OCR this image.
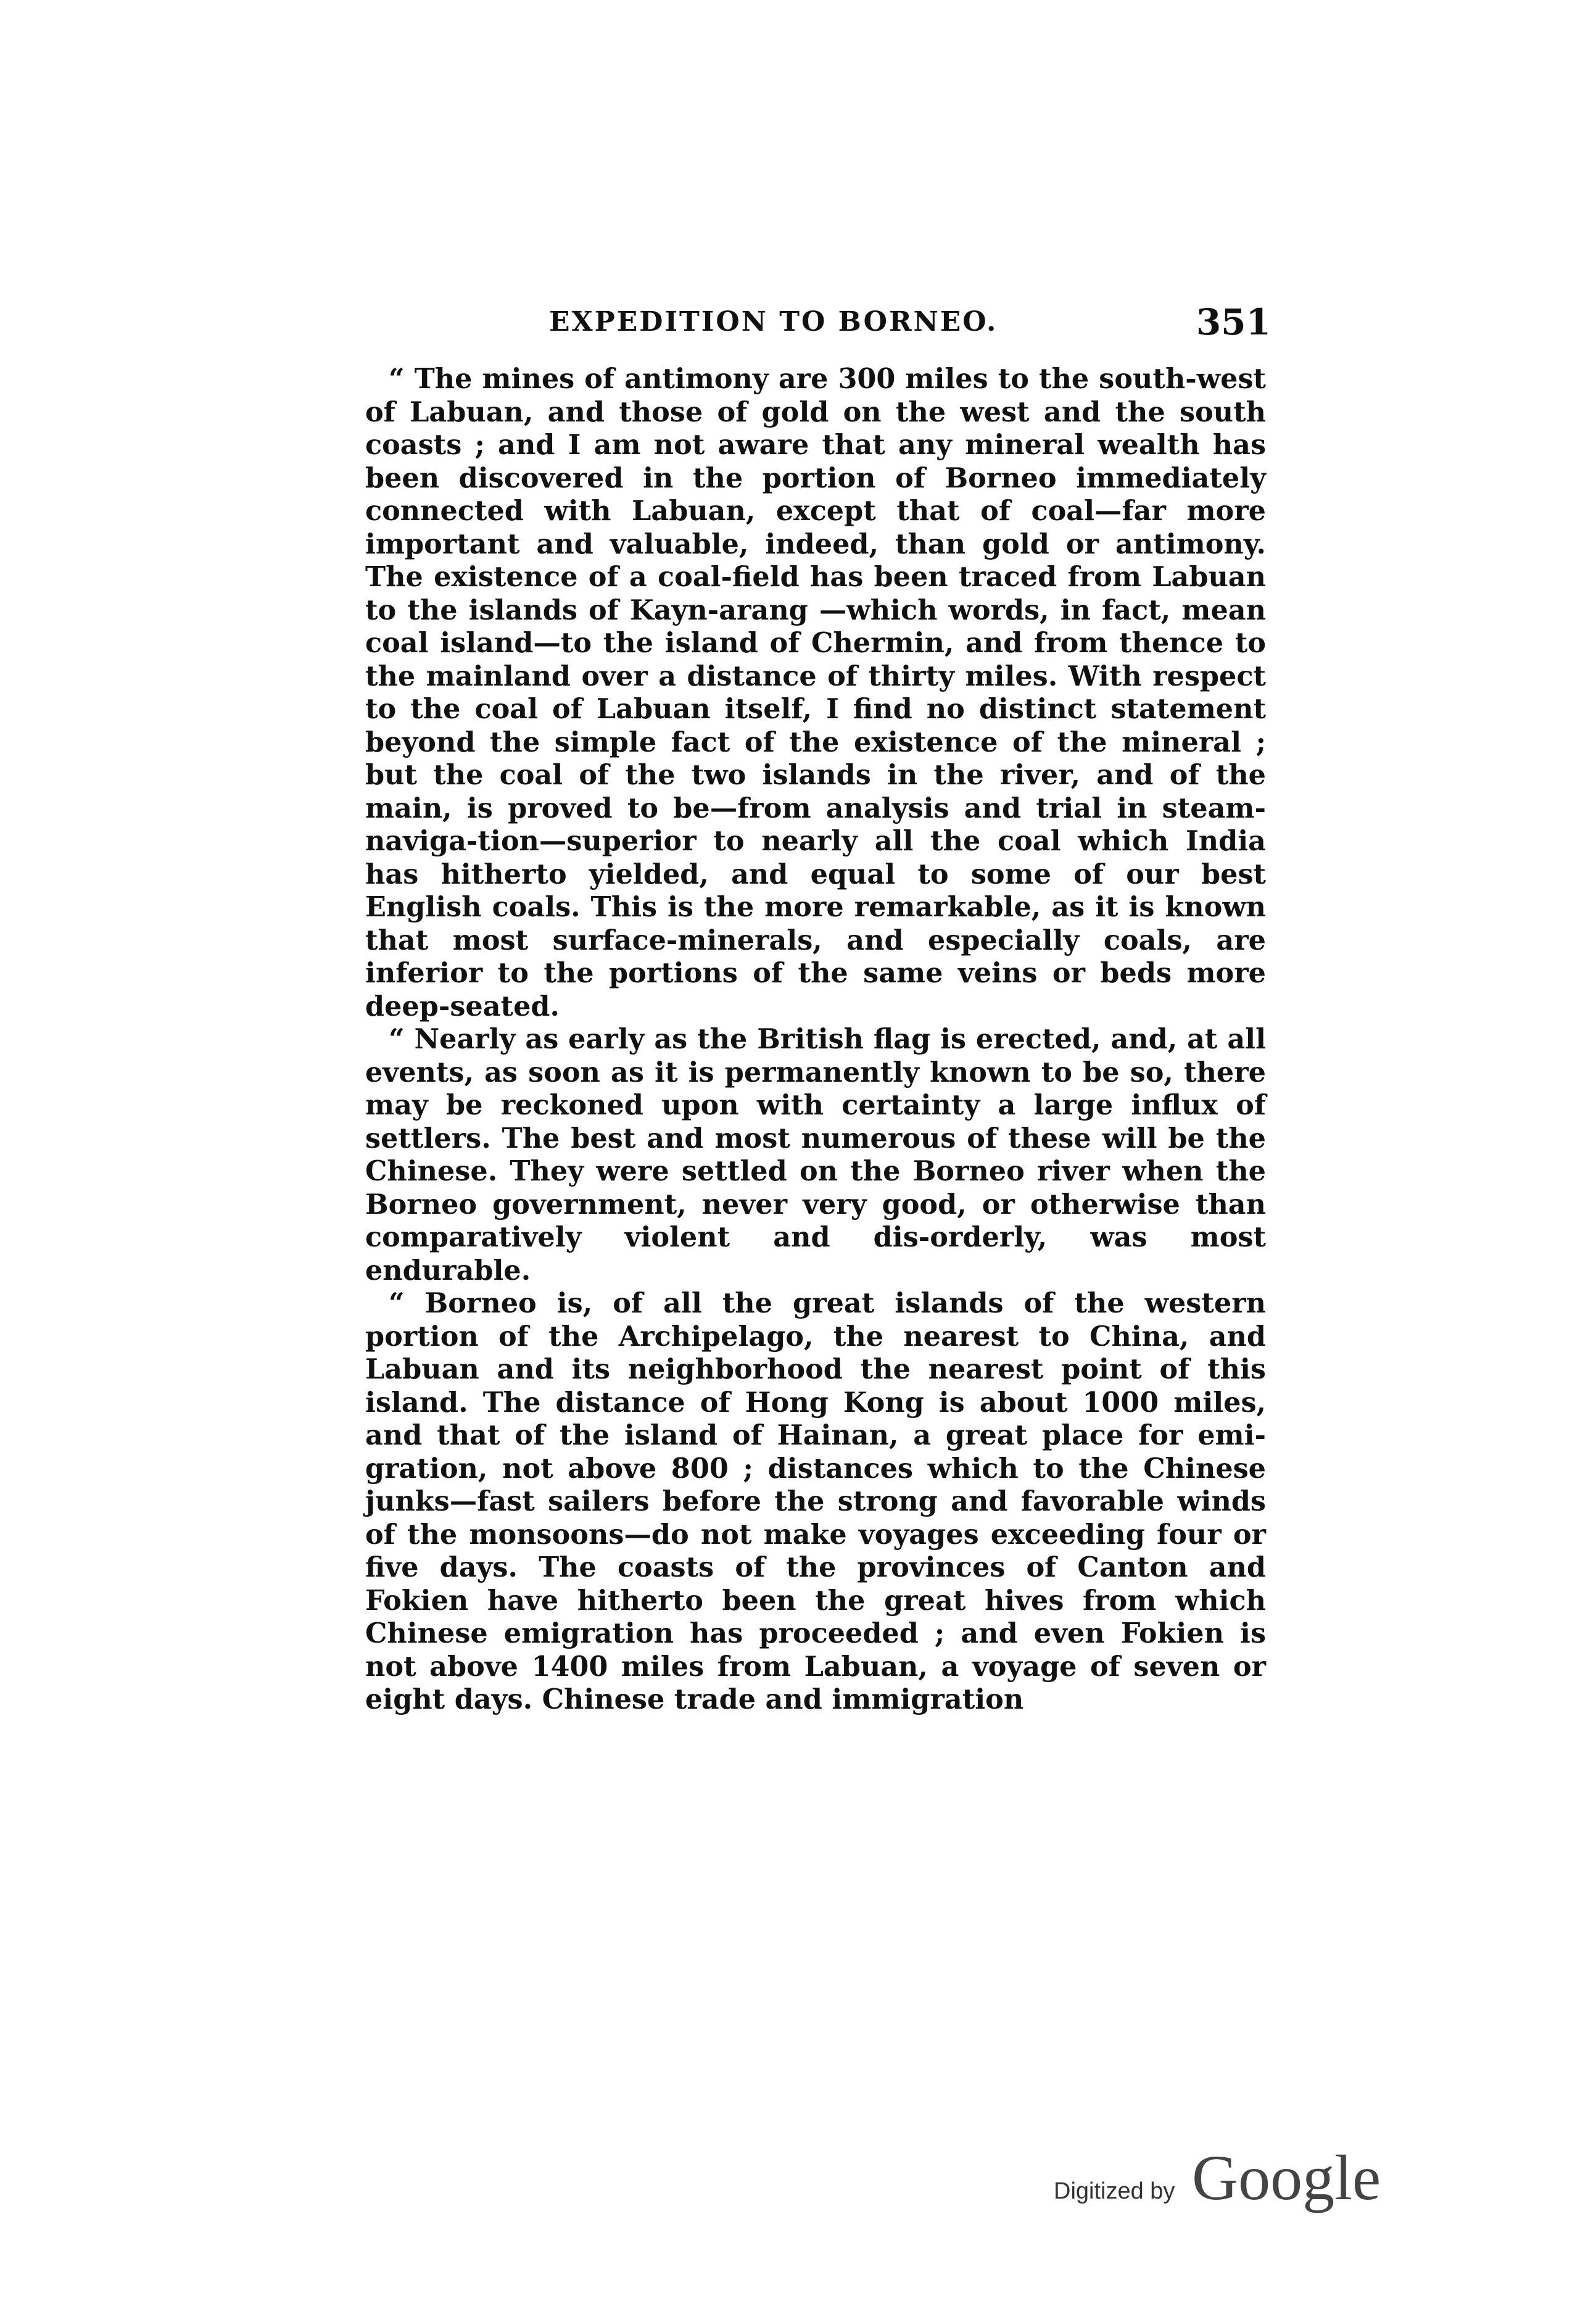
EXPEDITION TO BORNEO.	351

“ The mines of antimony are 300 miles to the south-west of Labuan, and those of gold on the west and the south coasts ; and I am not aware that any mineral wealth has been discovered in the portion of Borneo immediately connected with Labuan, except that of coal—far more important and valuable, indeed, than gold or antimony. The existence of a coal-field has been traced from Labuan to the islands of Kayn-arang —which words, in fact, mean coal island—to the island of Chermin, and from thence to the mainland over a distance of thirty miles. With respect to the coal of Labuan itself, I find no distinct statement beyond the simple fact of the existence of the mineral ; but the coal of the two islands in the river, and of the main, is proved to be—from analysis and trial in steam-naviga-tion—superior to nearly all the coal which India has hitherto yielded, and equal to some of our best English coals. This is the more remarkable, as it is known that most surface-minerals, and especially coals, are inferior to the portions of the same veins or beds more deep-seated.

“ Nearly as early as the British flag is erected, and, at all events, as soon as it is permanently known to be so, there may be reckoned upon with certainty a large influx of settlers. The best and most numerous of these will be the Chinese. They were settled on the Borneo river when the Borneo government, never very good, or otherwise than comparatively violent and dis-orderly, was most endurable.

“ Borneo is, of all the great islands of the western portion of the Archipelago, the nearest to China, and Labuan and its neighborhood the nearest point of this island. The distance of Hong Kong is about 1000 miles, and that of the island of Hainan, a great place for emi-gration, not above 800 ; distances which to the Chinese junks—fast sailers before the strong and favorable winds of the monsoons—do not make voyages exceeding four or five days. The coasts of the provinces of Canton and Fokien have hitherto been the great hives from which Chinese emigration has proceeded ; and even Fokien is not above 1400 miles from Labuan, a voyage of seven or eight days. Chinese trade and immigration

Digitized by Google
